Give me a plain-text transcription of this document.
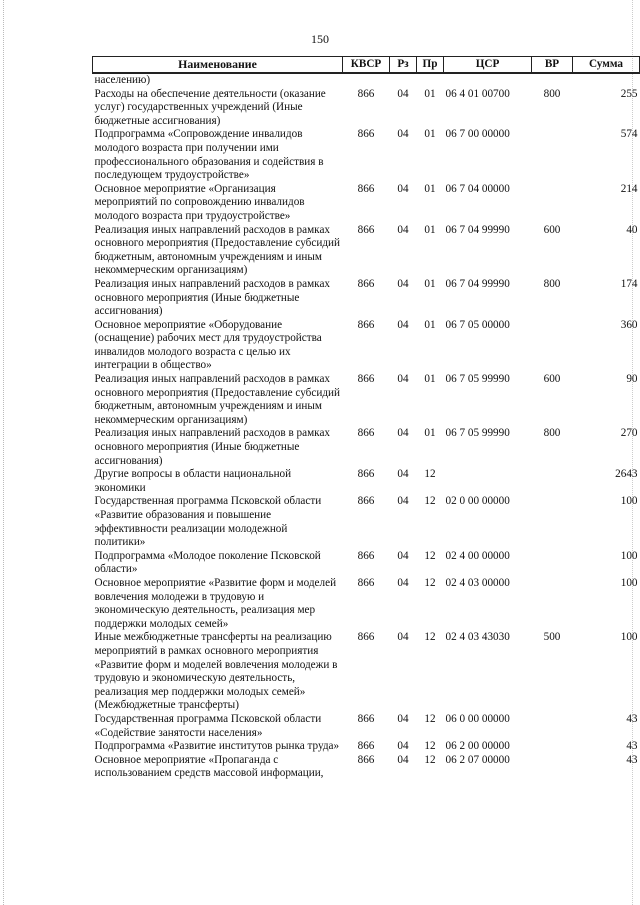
150
Наименование	КВСР	Рз	Пр	ЦСР	ВР	Сумма
населению)						
Расходы на обеспечение деятельности (оказание услуг) государственных учреждений (Иные бюджетные ассигнования)	866	04	01	06 4 01 00700	800	255
Подпрограмма «Сопровождение инвалидов молодого возраста при получении ими профессионального образования и содействия в последующем трудоустройстве»	866	04	01	06 7 00 00000		574
Основное мероприятие «Организация мероприятий по сопровождению инвалидов молодого возраста при трудоустройстве»	866	04	01	06 7 04 00000		214
Реализация иных направлений расходов в рамках основного мероприятия (Предоставление субсидий бюджетным, автономным учреждениям и иным некоммерческим организациям)	866	04	01	06 7 04 99990	600	40
Реализация иных направлений расходов в рамках основного мероприятия (Иные бюджетные ассигнования)	866	04	01	06 7 04 99990	800	174
Основное мероприятие «Оборудование (оснащение) рабочих мест для трудоустройства инвалидов молодого возраста с целью их интеграции в общество»	866	04	01	06 7 05 00000		360
Реализация иных направлений расходов в рамках основного мероприятия (Предоставление субсидий бюджетным, автономным учреждениям и иным некоммерческим организациям)	866	04	01	06 7 05 99990	600	90
Реализация иных направлений расходов в рамках основного мероприятия (Иные бюджетные ассигнования)	866	04	01	06 7 05 99990	800	270
Другие вопросы в области национальной экономики	866	04	12			2643
Государственная программа Псковской области «Развитие образования и повышение эффективности реализации молодежной политики»	866	04	12	02 0 00 00000		100
Подпрограмма «Молодое поколение Псковской области»	866	04	12	02 4 00 00000		100
Основное мероприятие «Развитие форм и моделей вовлечения молодежи в трудовую и экономическую деятельность, реализация мер поддержки молодых семей»	866	04	12	02 4 03 00000		100
Иные межбюджетные трансферты на реализацию мероприятий в рамках основного мероприятия «Развитие форм и моделей вовлечения молодежи в трудовую и экономическую деятельность, реализация мер поддержки молодых семей» (Межбюджетные трансферты)	866	04	12	02 4 03 43030	500	100
Государственная программа Псковской области «Содействие занятости населения»	866	04	12	06 0 00 00000		43
Подпрограмма «Развитие институтов рынка труда»	866	04	12	06 2 00 00000		43
Основное мероприятие «Пропаганда с использованием средств массовой информации,	866	04	12	06 2 07 00000		43
